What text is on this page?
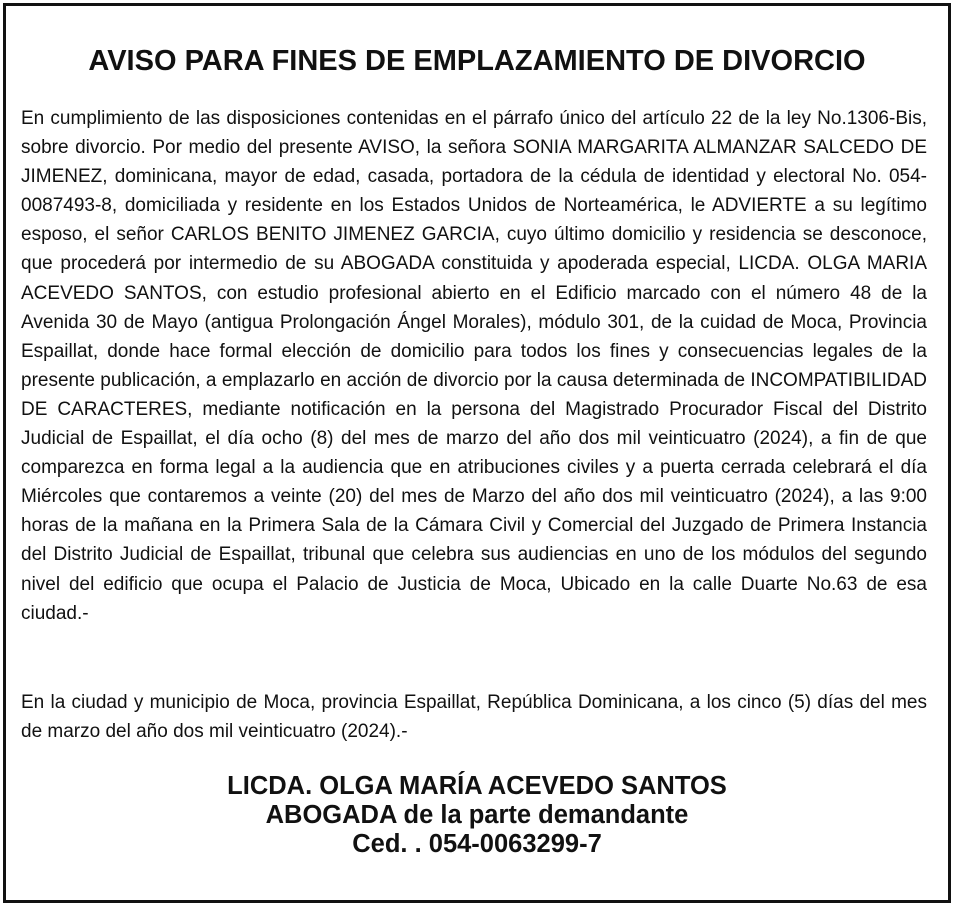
AVISO PARA FINES DE EMPLAZAMIENTO DE DIVORCIO
En cumplimiento de las disposiciones contenidas en el párrafo único del artículo 22 de la ley No.1306-Bis, sobre divorcio. Por medio del presente AVISO, la señora SONIA MARGARITA ALMANZAR SALCEDO DE JIMENEZ, dominicana, mayor de edad, casada, portadora de la cédula de identidad y electoral No. 054-0087493-8, domiciliada y residente en los Estados Unidos de Norteamérica, le ADVIERTE a su legítimo esposo, el señor CARLOS BENITO JIMENEZ GARCIA, cuyo último domicilio y residencia se desconoce, que procederá por intermedio de su ABOGADA constituida y apoderada especial, LICDA. OLGA MARIA ACEVEDO SANTOS, con estudio profesional abierto en el Edificio marcado con el número 48 de la Avenida 30 de Mayo (antigua Prolongación Ángel Morales), módulo 301, de la cuidad de Moca, Provincia Espaillat, donde hace formal elección de domicilio para todos los fines y consecuencias legales de la presente publicación, a emplazarlo en acción de divorcio por la causa determinada de INCOMPATIBILIDAD DE CARACTERES, mediante notificación en la persona del Magistrado Procurador Fiscal del Distrito Judicial de Espaillat, el día ocho (8) del mes de marzo del año dos mil veinticuatro (2024), a fin de que comparezca en forma legal a la audiencia que en atribuciones civiles y a puerta cerrada celebrará el día Miércoles que contaremos a veinte (20) del mes de Marzo del año dos mil veinticuatro (2024), a las 9:00 horas de la mañana en la Primera Sala de la Cámara Civil y Comercial del Juzgado de Primera Instancia del Distrito Judicial de Espaillat, tribunal que celebra sus audiencias en uno de los módulos del segundo nivel del edificio que ocupa el Palacio de Justicia de Moca, Ubicado en la calle Duarte No.63 de esa ciudad.-
En la ciudad y municipio de Moca, provincia Espaillat, República Dominicana, a los cinco (5) días del mes de marzo del año dos mil veinticuatro (2024).-
LICDA. OLGA MARÍA ACEVEDO SANTOS
ABOGADA de la parte demandante
Ced. . 054-0063299-7
